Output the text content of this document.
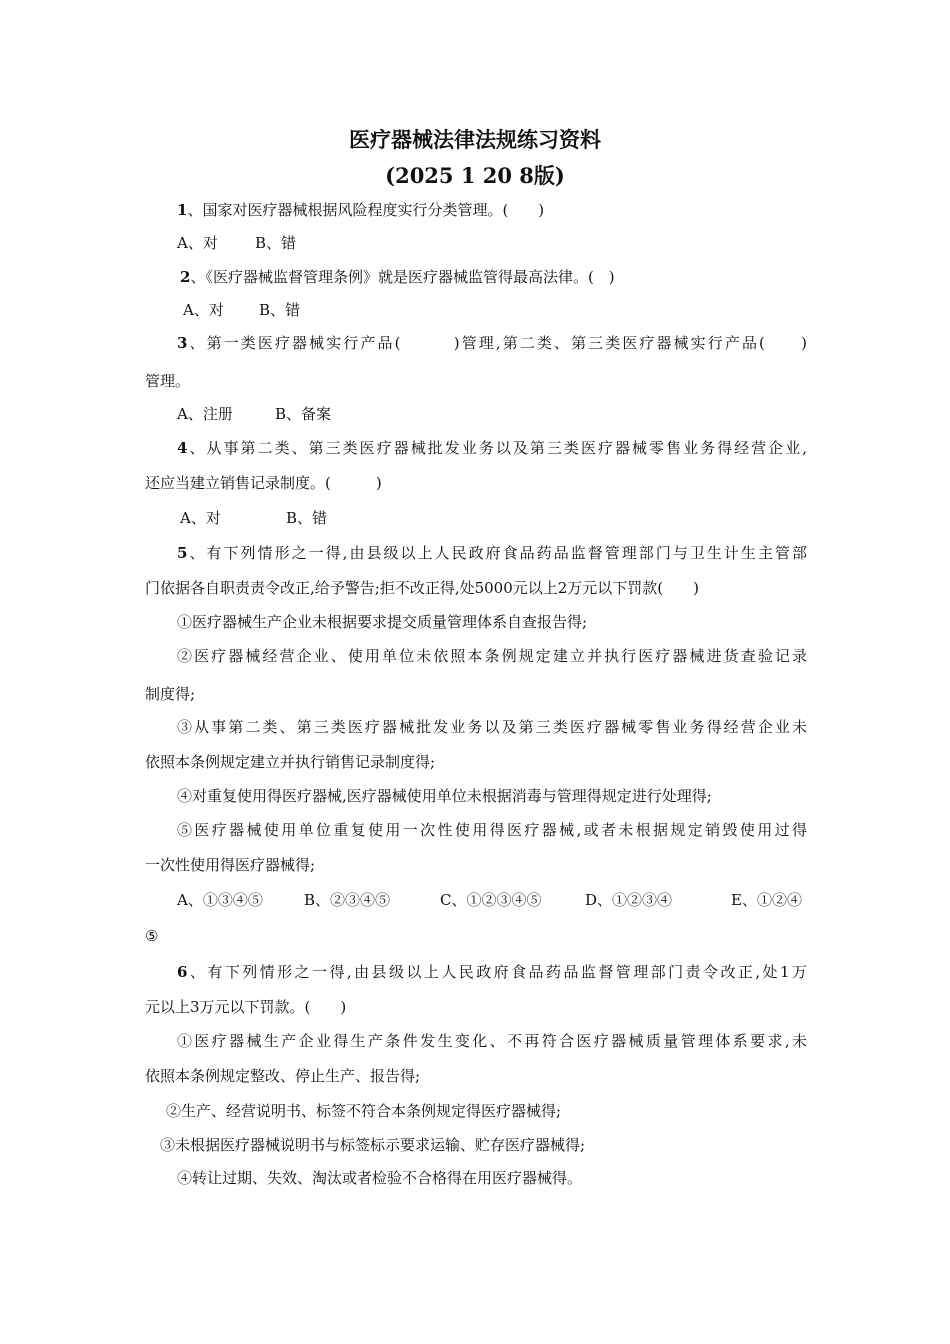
医疗器械法律法规练习资料
(2025 1 20 8版)
1、国家对医疗器械根据风险程度实行分类管理。(　　)
A、对 B、错
2、《医疗器械监督管理条例》就是医疗器械监管得最高法律。(　)
A、对 B、错
3、第一类医疗器械实行产品(　　　)管理,第二类、第三类医疗器械实行产品(　　)
管理。
A、注册	B、备案
4、从事第二类、第三类医疗器械批发业务以及第三类医疗器械零售业务得经营企业,
还应当建立销售记录制度。(　　　)
A、对	B、错
5、有下列情形之一得,由县级以上人民政府食品药品监督管理部门与卫生计生主管部
门依据各自职责责令改正,给予警告;拒不改正得,处5000元以上2万元以下罚款(　　)
①医疗器械生产企业未根据要求提交质量管理体系自查报告得;
②医疗器械经营企业、使用单位未依照本条例规定建立并执行医疗器械进货查验记录
制度得;
③从事第二类、第三类医疗器械批发业务以及第三类医疗器械零售业务得经营企业未
依照本条例规定建立并执行销售记录制度得;
④对重复使用得医疗器械,医疗器械使用单位未根据消毒与管理得规定进行处理得;
⑤医疗器械使用单位重复使用一次性使用得医疗器械,或者未根据规定销毁使用过得
一次性使用得医疗器械得;
A、①③④⑤	B、②③④⑤	C、①②③④⑤	D、①②③④	E、①②④
⑤
6、有下列情形之一得,由县级以上人民政府食品药品监督管理部门责令改正,处1万
元以上3万元以下罚款。(　　)
①医疗器械生产企业得生产条件发生变化、不再符合医疗器械质量管理体系要求,未
依照本条例规定整改、停止生产、报告得;
②生产、经营说明书、标签不符合本条例规定得医疗器械得;
③未根据医疗器械说明书与标签标示要求运输、贮存医疗器械得;
④转让过期、失效、淘汰或者检验不合格得在用医疗器械得。
